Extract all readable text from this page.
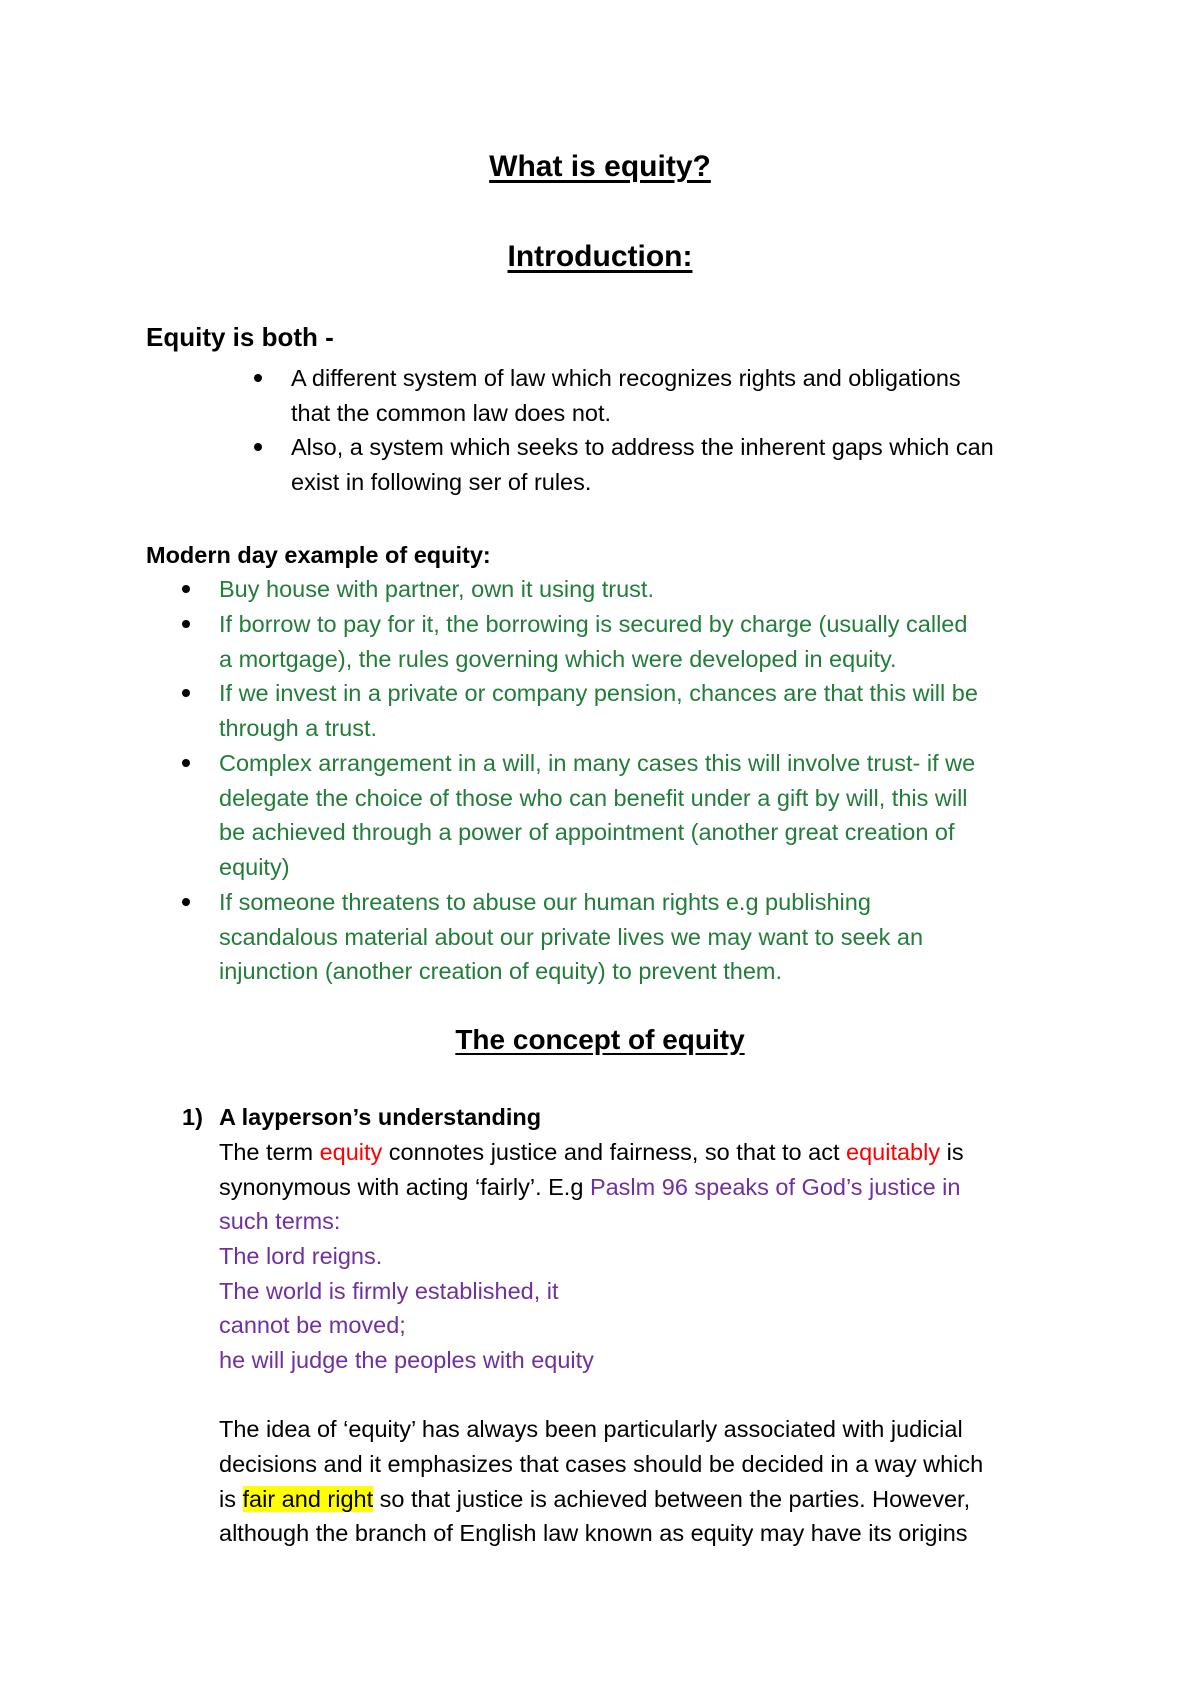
What is equity?
Introduction:
Equity is both -
A different system of law which recognizes rights and obligations
that the common law does not.
Also, a system which seeks to address the inherent gaps which can
exist in following ser of rules.
Modern day example of equity:
Buy house with partner, own it using trust.
If borrow to pay for it, the borrowing is secured by charge (usually called
a mortgage), the rules governing which were developed in equity.
If we invest in a private or company pension, chances are that this will be
through a trust.
Complex arrangement in a will, in many cases this will involve trust- if we
delegate the choice of those who can benefit under a gift by will, this will
be achieved through a power of appointment (another great creation of
equity)
If someone threatens to abuse our human rights e.g publishing
scandalous material about our private lives we may want to seek an
injunction (another creation of equity) to prevent them.
The concept of equity
1) A layperson’s understanding
The term equity connotes justice and fairness, so that to act equitably is
synonymous with acting ‘fairly’. E.g Paslm 96 speaks of God’s justice in
such terms:
The lord reigns.
The world is firmly established, it
cannot be moved;
he will judge the peoples with equity
The idea of ‘equity’ has always been particularly associated with judicial
decisions and it emphasizes that cases should be decided in a way which
is fair and right so that justice is achieved between the parties. However,
although the branch of English law known as equity may have its origins
